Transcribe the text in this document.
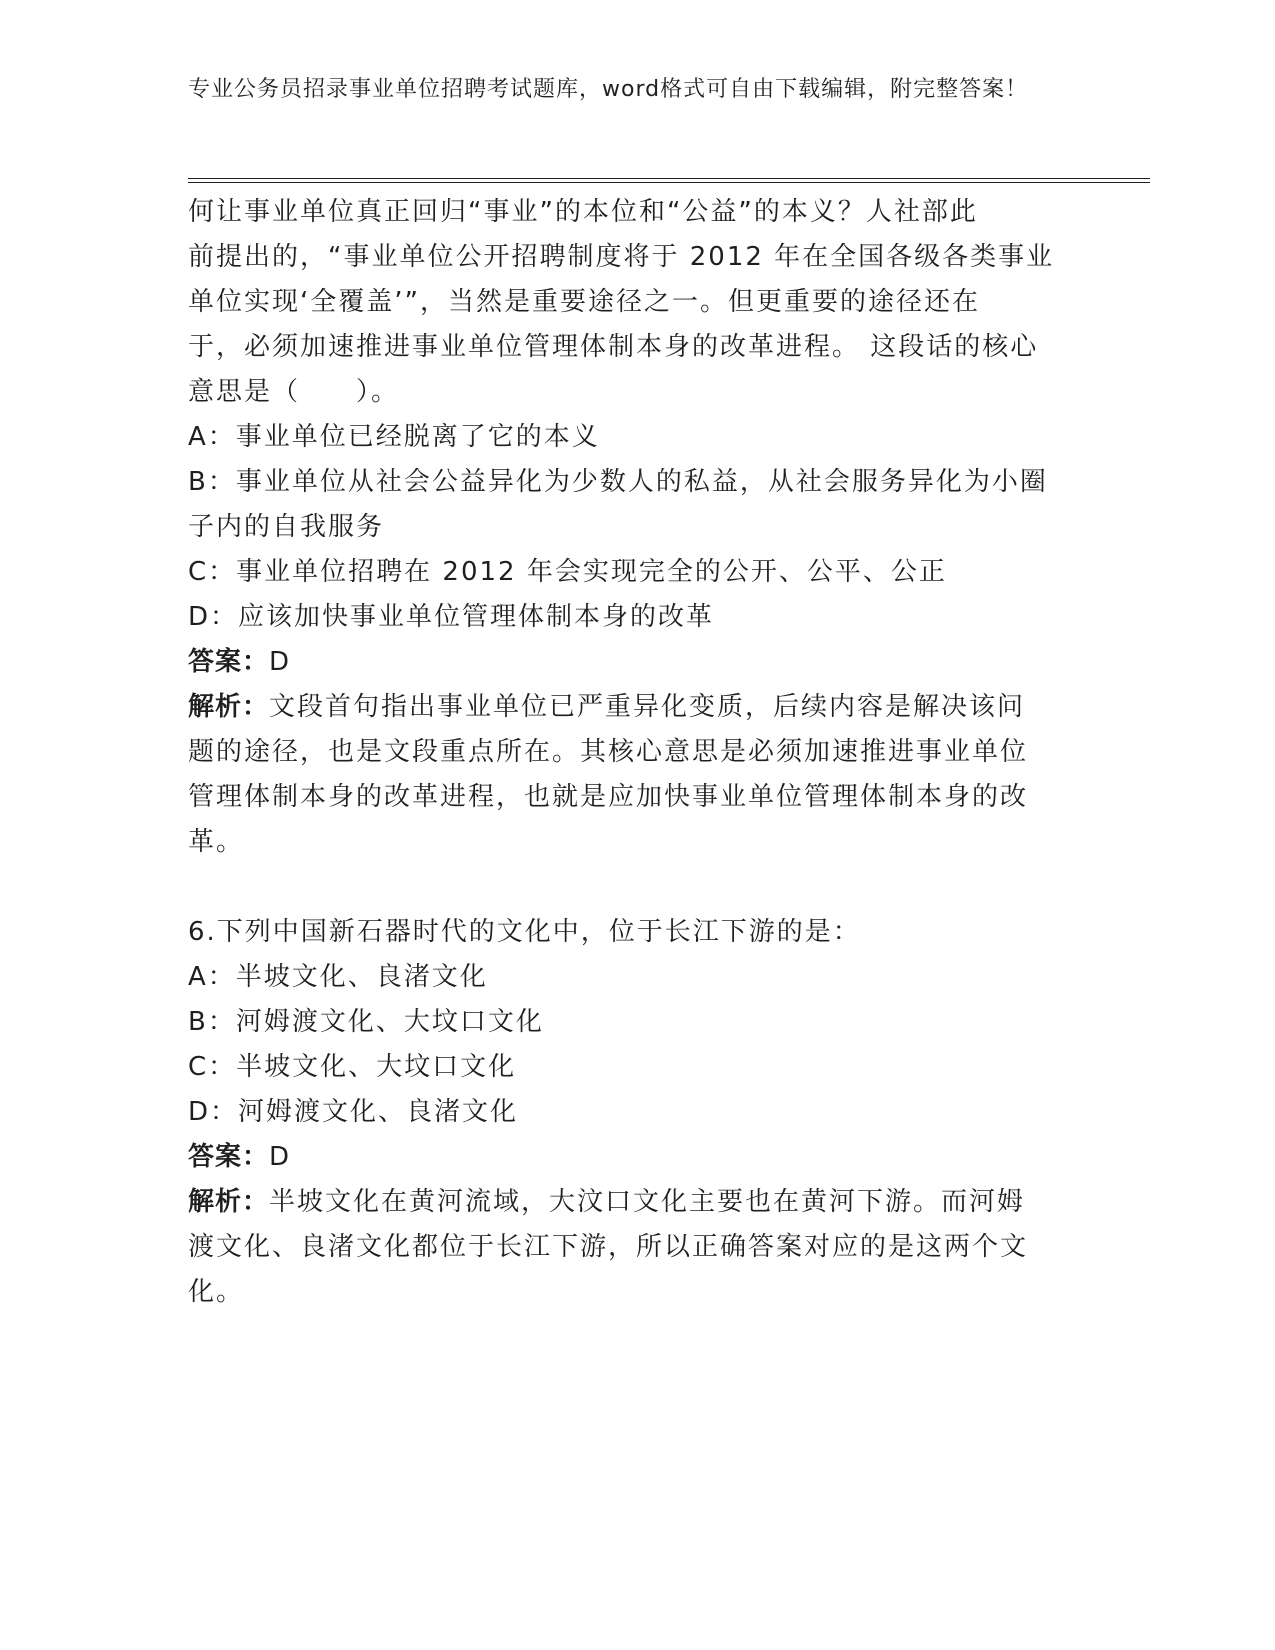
专业公务员招录事业单位招聘考试题库，word格式可自由下载编辑，附完整答案！
何让事业单位真正回归“事业”的本位和“公益”的本义？人社部此
前提出的，“事业单位公开招聘制度将于 2012 年在全国各级各类事业
单位实现‘全覆盖’”，当然是重要途径之一。但更重要的途径还在
于，必须加速推进事业单位管理体制本身的改革进程。 这段话的核心
意思是（　　）。
A：事业单位已经脱离了它的本义
B：事业单位从社会公益异化为少数人的私益，从社会服务异化为小圈
子内的自我服务
C：事业单位招聘在 2012 年会实现完全的公开、公平、公正
D：应该加快事业单位管理体制本身的改革
答案：D
解析：文段首句指出事业单位已严重异化变质，后续内容是解决该问
题的途径，也是文段重点所在。其核心意思是必须加速推进事业单位
管理体制本身的改革进程，也就是应加快事业单位管理体制本身的改
革。
6.下列中国新石器时代的文化中，位于长江下游的是：
A：半坡文化、良渚文化
B：河姆渡文化、大坟口文化
C：半坡文化、大坟口文化
D：河姆渡文化、良渚文化
答案：D
解析：半坡文化在黄河流域，大汶口文化主要也在黄河下游。而河姆
渡文化、良渚文化都位于长江下游，所以正确答案对应的是这两个文
化。
